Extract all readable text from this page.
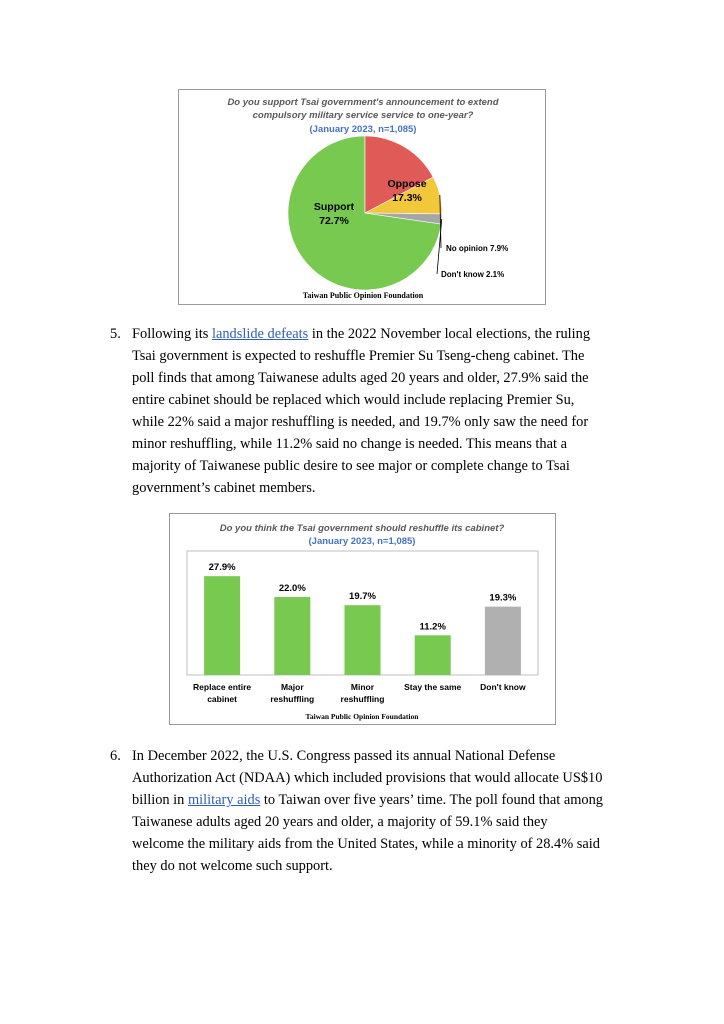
Do you support Tsai government's announcement to extend
compulsory military service service to one-year?
(January 2023, n=1,085)
Support
72.7%
Oppose
17.3%
No opinion 7.9%
Don't know 2.1%
Taiwan Public Opinion Foundation
5. Following its landslide defeats in the 2022 November local elections, the ruling Tsai government is expected to reshuffle Premier Su Tseng-cheng cabinet. The poll finds that among Taiwanese adults aged 20 years and older, 27.9% said the entire cabinet should be replaced which would include replacing Premier Su, while 22% said a major reshuffling is needed, and 19.7% only saw the need for minor reshuffling, while 11.2% said no change is needed. This means that a majority of Taiwanese public desire to see major or complete change to Tsai government’s cabinet members.
Do you think the Tsai government should reshuffle its cabinet?
(January 2023, n=1,085)
27.9%
Replace entire
cabinet
22.0%
Major
reshuffling
19.7%
Minor
reshuffling
11.2%
Stay the same
19.3%
Don't know
Taiwan Public Opinion Foundation
6. In December 2022, the U.S. Congress passed its annual National Defense Authorization Act (NDAA) which included provisions that would allocate US$10 billion in military aids to Taiwan over five years’ time. The poll found that among Taiwanese adults aged 20 years and older, a majority of 59.1% said they welcome the military aids from the United States, while a minority of 28.4% said they do not welcome such support.
